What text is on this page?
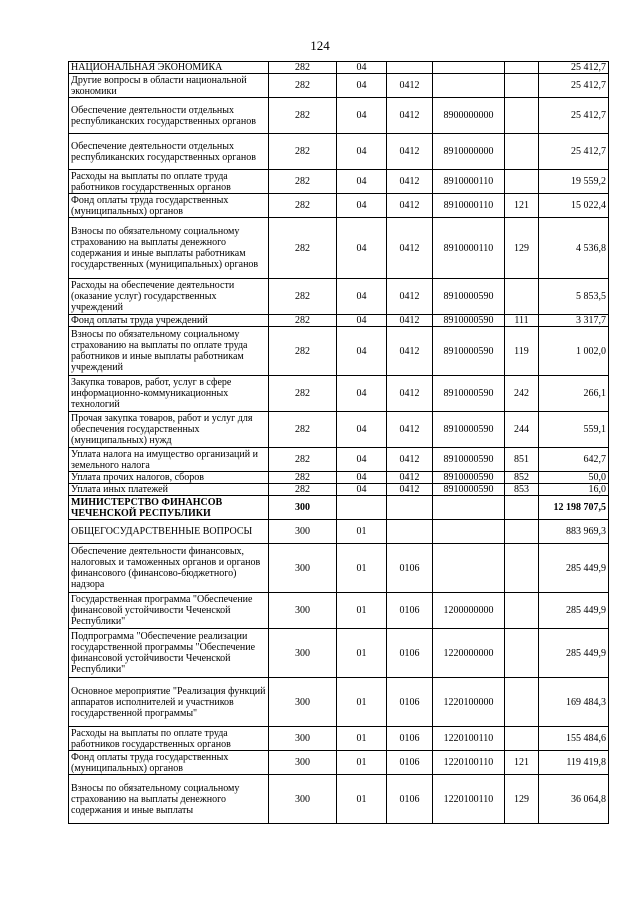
124
НАЦИОНАЛЬНАЯ ЭКОНОМИКА	282	04				25 412,7
Другие вопросы в области национальной экономики	282	04	0412			25 412,7
Обеспечение деятельности отдельных республиканских государственных органов	282	04	0412	8900000000		25 412,7
Обеспечение деятельности отдельных республиканских государственных органов	282	04	0412	8910000000		25 412,7
Расходы на выплаты по оплате труда работников государственных органов	282	04	0412	8910000110		19 559,2
Фонд оплаты труда государственных (муниципальных) органов	282	04	0412	8910000110	121	15 022,4
Взносы по обязательному социальному страхованию на выплаты денежного содержания и иные выплаты работникам государственных (муниципальных) органов	282	04	0412	8910000110	129	4 536,8
Расходы на обеспечение деятельности (оказание услуг) государственных учреждений	282	04	0412	8910000590		5 853,5
Фонд оплаты труда учреждений	282	04	0412	8910000590	111	3 317,7
Взносы по обязательному социальному страхованию на выплаты по оплате труда работников и иные выплаты работникам учреждений	282	04	0412	8910000590	119	1 002,0
Закупка товаров, работ, услуг в сфере информационно-коммуникационных технологий	282	04	0412	8910000590	242	266,1
Прочая закупка товаров, работ и услуг для обеспечения государственных (муниципальных) нужд	282	04	0412	8910000590	244	559,1
Уплата налога на имущество организаций и земельного налога	282	04	0412	8910000590	851	642,7
Уплата прочих налогов, сборов	282	04	0412	8910000590	852	50,0
Уплата иных платежей	282	04	0412	8910000590	853	16,0
МИНИСТЕРСТВО ФИНАНСОВ ЧЕЧЕНСКОЙ РЕСПУБЛИКИ	300					12 198 707,5
ОБЩЕГОСУДАРСТВЕННЫЕ ВОПРОСЫ	300	01				883 969,3
Обеспечение деятельности финансовых, налоговых и таможенных органов и органов финансового (финансово-бюджетного) надзора	300	01	0106			285 449,9
Государственная программа "Обеспечение финансовой устойчивости Чеченской Республики"	300	01	0106	1200000000		285 449,9
Подпрограмма "Обеспечение реализации государственной программы "Обеспечение финансовой устойчивости Чеченской Республики"	300	01	0106	1220000000		285 449,9
Основное мероприятие "Реализация функций аппаратов исполнителей и участников государственной программы"	300	01	0106	1220100000		169 484,3
Расходы на выплаты по оплате труда работников государственных органов	300	01	0106	1220100110		155 484,6
Фонд оплаты труда государственных (муниципальных) органов	300	01	0106	1220100110	121	119 419,8
Взносы по обязательному социальному страхованию на выплаты денежного содержания и иные выплаты	300	01	0106	1220100110	129	36 064,8
